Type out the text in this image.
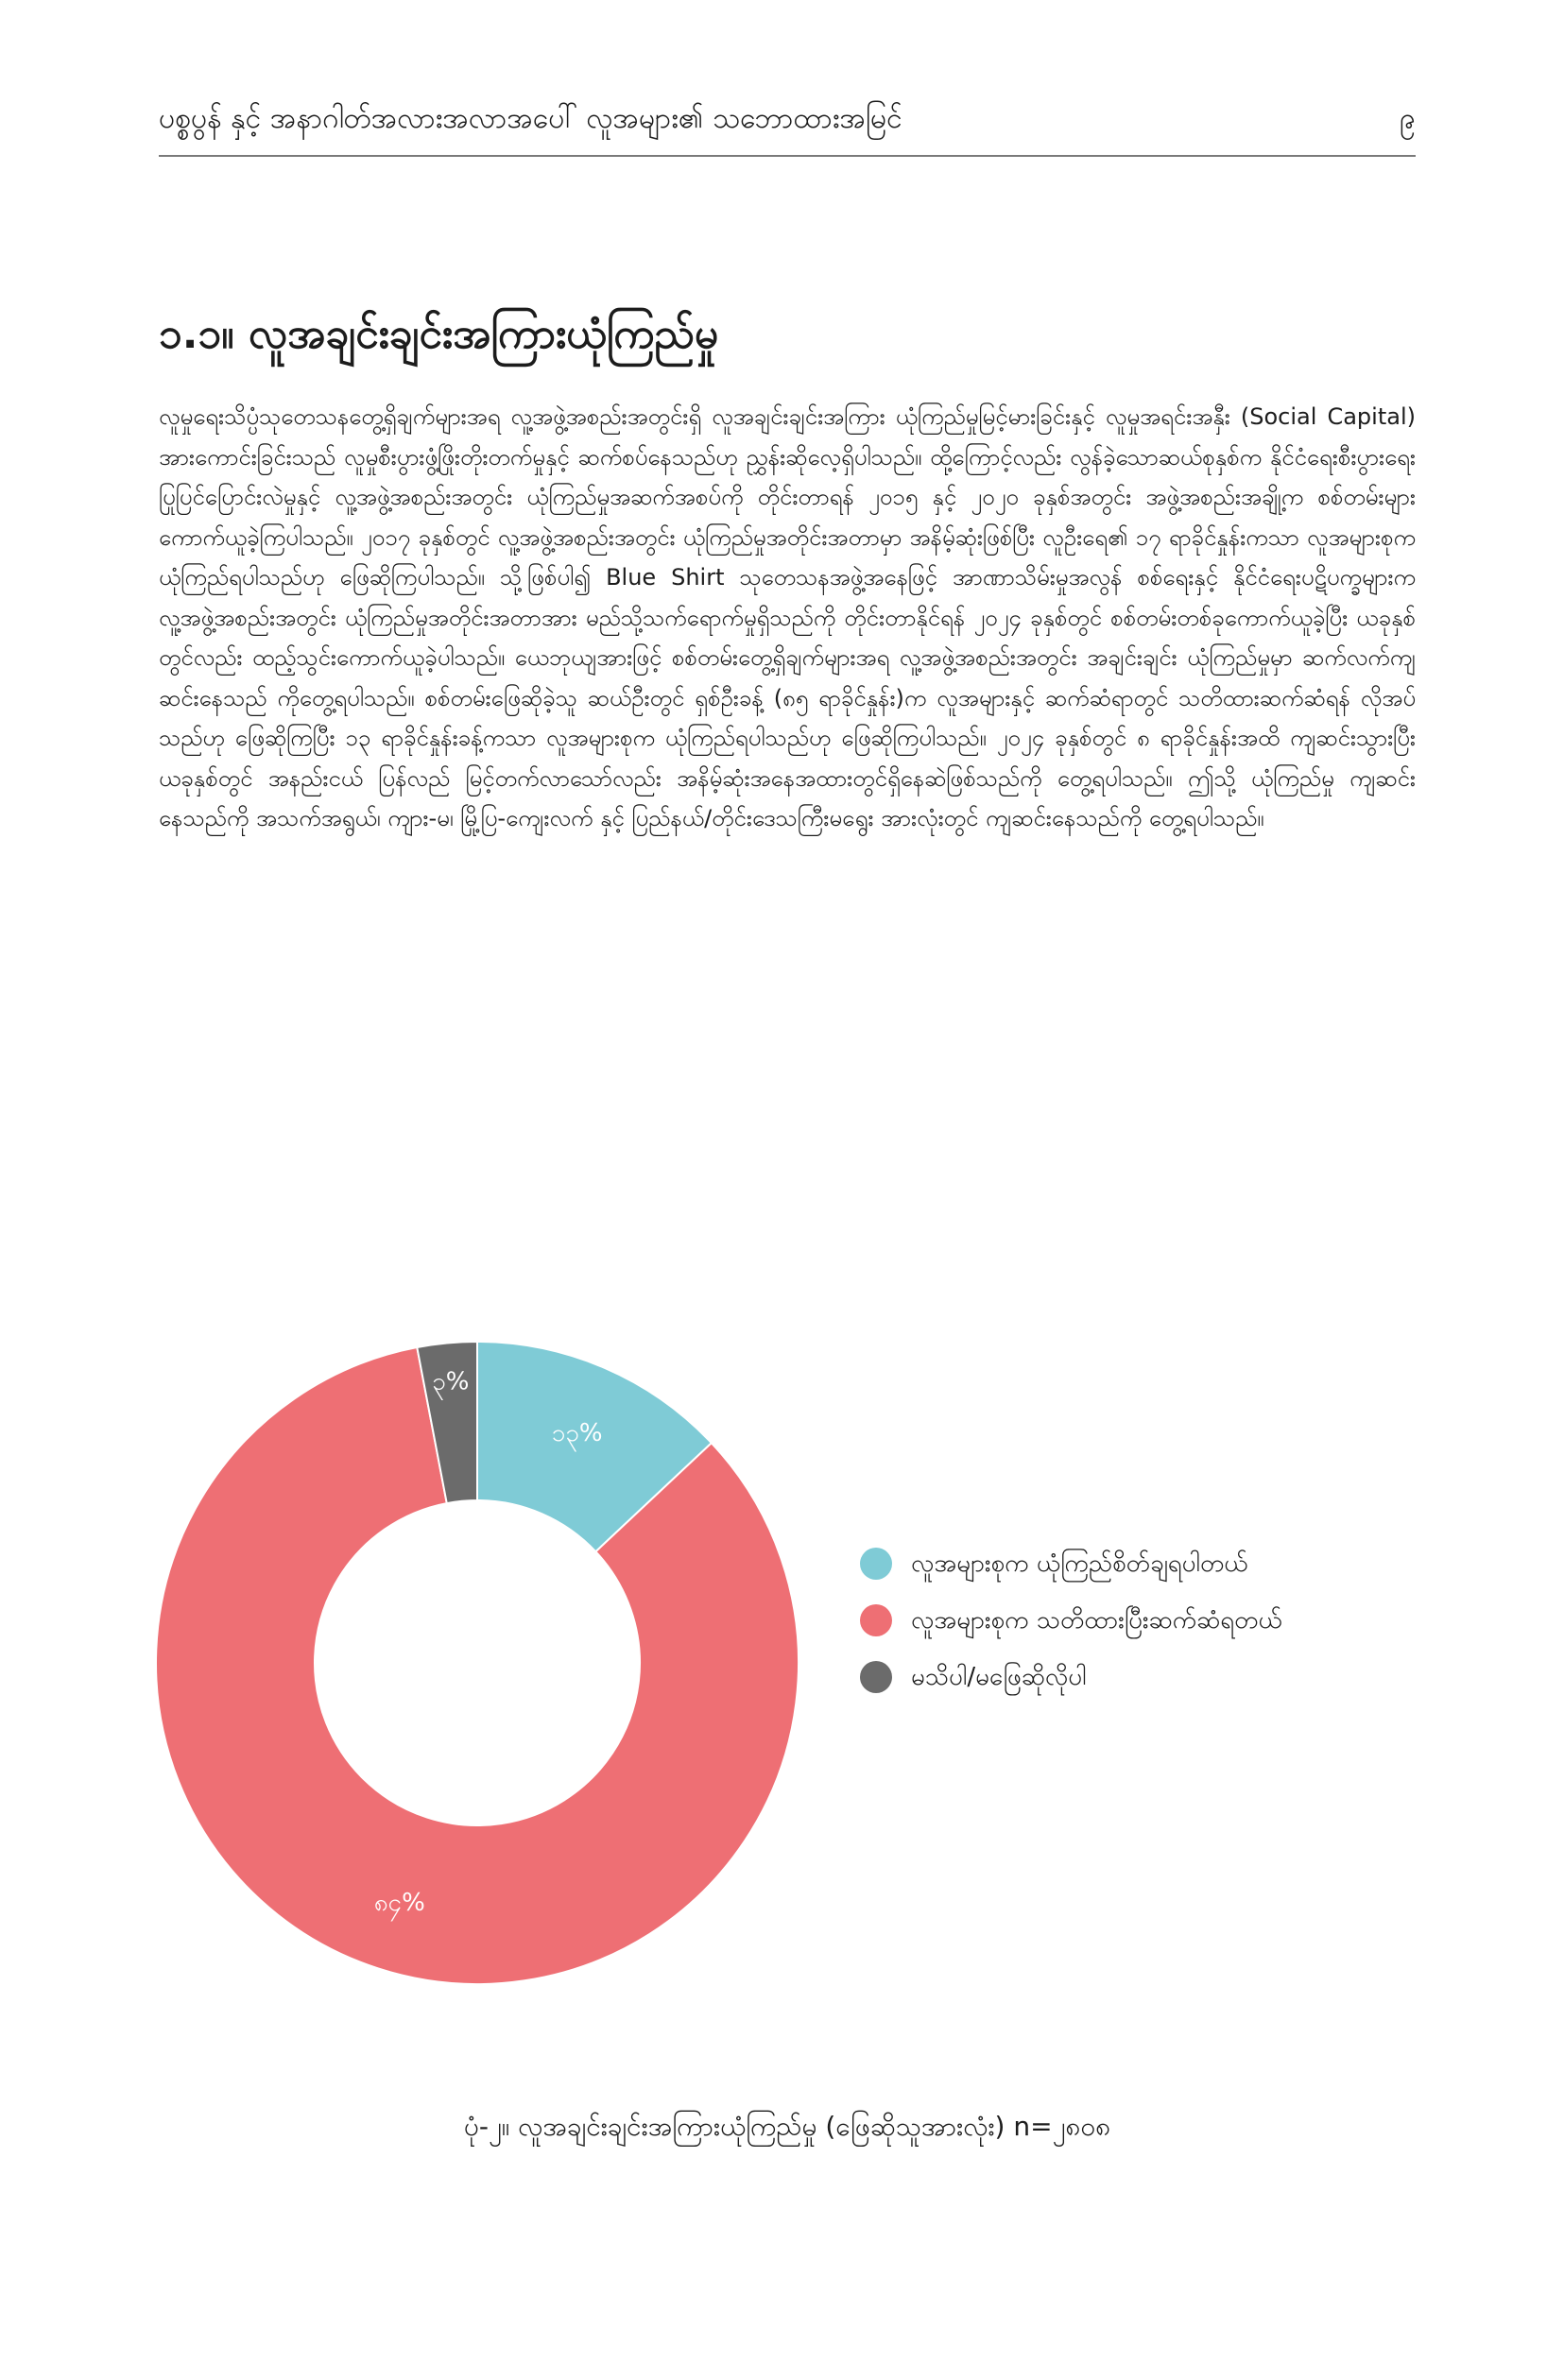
ပစ္စပွန် နှင့် အနာဂါတ်အလားအလာအပေါ် လူအများ၏ သဘောထားအမြင်	၉
၁.၁။ လူအချင်းချင်းအကြားယုံကြည်မှု

လူမှုရေးသိပ္ပံသုတေသနတွေ့ရှိချက်များအရ လူ့အဖွဲ့အစည်းအတွင်းရှိ လူအချင်းချင်းအကြား ယုံကြည်မှုမြင့်မားခြင်းနှင့် လူမှုအရင်းအနှီး (Social Capital) အားကောင်းခြင်းသည် လူမှုစီးပွားဖွံ့ဖြိုးတိုးတက်မှုနှင့် ဆက်စပ်နေသည်ဟု ညွှန်းဆိုလေ့ရှိပါသည်။ ထို့ကြောင့်လည်း လွန်ခဲ့သောဆယ်စုနှစ်က နိုင်ငံရေးစီးပွားရေးပြုပြင်ပြောင်းလဲမှုနှင့် လူ့အဖွဲ့အစည်းအတွင်း ယုံကြည်မှုအဆက်အစပ်ကို တိုင်းတာရန် ၂၀၁၅ နှင့် ၂၀၂၀ ခုနှစ်အတွင်း အဖွဲ့အစည်းအချို့က စစ်တမ်းများကောက်ယူခဲ့ကြပါသည်။ ၂၀၁၇ ခုနှစ်တွင် လူ့အဖွဲ့အစည်းအတွင်း ယုံကြည်မှုအတိုင်းအတာမှာ အနိမ့်ဆုံးဖြစ်ပြီး လူဦးရေ၏ ၁၇ ရာခိုင်နှုန်းကသာ လူအများစုက ယုံကြည်ရပါသည်ဟု ဖြေဆိုကြပါသည်။ သို့ဖြစ်ပါ၍ Blue Shirt သုတေသနအဖွဲ့အနေဖြင့် အာဏာသိမ်းမှုအလွန် စစ်ရေးနှင့် နိုင်ငံရေးပဋိပက္ခများက လူ့အဖွဲ့အစည်းအတွင်း ယုံကြည်မှုအတိုင်းအတာအား မည်သို့သက်ရောက်မှုရှိသည်ကို တိုင်းတာနိုင်ရန် ၂၀၂၄ ခုနှစ်တွင် စစ်တမ်းတစ်ခုကောက်ယူခဲ့ပြီး ယခုနှစ်တွင်လည်း ထည့်သွင်းကောက်ယူခဲ့ပါသည်။ ယေဘုယျအားဖြင့် စစ်တမ်းတွေ့ရှိချက်များအရ လူ့အဖွဲ့အစည်းအတွင်း အချင်းချင်း ယုံကြည်မှုမှာ ဆက်လက်ကျဆင်းနေသည် ကိုတွေ့ရပါသည်။ စစ်တမ်းဖြေဆိုခဲ့သူ ဆယ်ဦးတွင် ရှစ်ဦးခန့် (၈၅ ရာခိုင်နှုန်း)က လူအများနှင့် ဆက်ဆံရာတွင် သတိထားဆက်ဆံရန် လိုအပ်သည်ဟု ဖြေဆိုကြပြီး ၁၃ ရာခိုင်နှုန်းခန့်ကသာ လူအများစုက ယုံကြည်ရပါသည်ဟု ဖြေဆိုကြပါသည်။ ၂၀၂၄ ခုနှစ်တွင် ၈ ရာခိုင်နှုန်းအထိ ကျဆင်းသွားပြီး ယခုနှစ်တွင် အနည်းငယ် ပြန်လည် မြင့်တက်လာသော်လည်း အနိမ့်ဆုံးအနေအထားတွင်ရှိနေဆဲဖြစ်သည်ကို တွေ့ရပါသည်။ ဤသို့ ယုံကြည်မှု ကျဆင်းနေသည်ကို အသက်အရွယ်၊ ကျား-မ၊ မြို့ပြ-ကျေးလက် နှင့် ပြည်နယ်/တိုင်းဒေသကြီးမရွေး အားလုံးတွင် ကျဆင်းနေသည်ကို တွေ့ရပါသည်။

၁၃%
၈၄%
၃%
လူအများစုက ယုံကြည်စိတ်ချရပါတယ်
လူအများစုက သတိထားပြီးဆက်ဆံရတယ်
မသိပါ/မဖြေဆိုလိုပါ
ပုံ-၂။ လူအချင်းချင်းအကြားယုံကြည်မှု (ဖြေဆိုသူအားလုံး) n=၂၈၀၈
